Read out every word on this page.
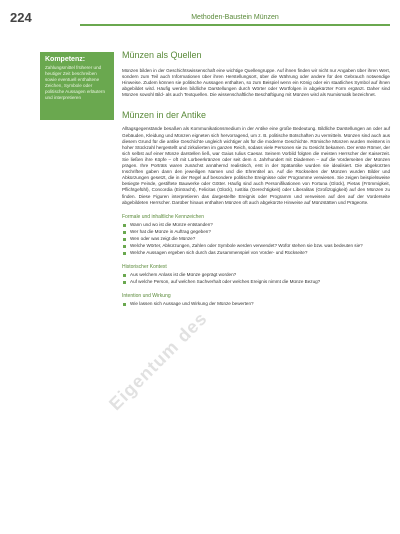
224	Methoden-Baustein Münzen
Kompetenz:

Zahlungsmittel früherer und heutiger Zeit beschreiben sowie eventuell enthaltene Zeichen, Symbole oder politische Aussagen erläutern und interpretieren

Münzen als Quellen

Münzen bilden in der Geschichtswissenschaft eine wichtige Quellengruppe. Auf ihnen finden wir nicht nur Angaben über ihren Wert, sondern zum Teil auch Informationen über ihren Herstellungsort, über die Währung oder andere für den Gebrauch notwendige Hinweise. Zudem können sie politische Aussagen enthalten, so zum Beispiel wenn ein König oder ein staatliches Symbol auf ihnen abgebildet wird. Häufig werden bildliche Darstellungen durch Wörter oder Wortfolgen in abgekürzter Form ergänzt. Daher sind Münzen sowohl Bild- als auch Textquellen. Die wissenschaftliche Beschäftigung mit Münzen wird als Numismatik bezeichnet.

Münzen in der Antike

Alltagsgegenstände besaßen als Kommunikationsmedium in der Antike eine große Bedeutung. Bildliche Darstellungen an oder auf Gebäuden, Kleidung und Münzen eigneten sich hervorragend, um z. B. politische Botschaften zu vermitteln. Münzen sind auch aus diesem Grund für die antike Geschichte ungleich wichtiger als für die moderne Geschichte. Römische Münzen wurden meistens in hoher Stückzahl hergestellt und zirkulierten im ganzen Reich, sodass viele Personen sie zu Gesicht bekamen. Der erste Römer, der sich selbst auf einer Münze darstellen ließ, war Gaius Iulius Caesar. Seinem Vorbild folgten die meisten Herrscher der Kaiserzeit. Sie ließen ihre Köpfe – oft mit Lorbeerkränzen oder seit dem 4. Jahrhundert mit Diademen – auf die Vorderseiten der Münzen prägen. Ihre Porträts waren zunächst annähernd realistisch, erst in der Spätantike wurden sie idealisiert. Die abgekürzten Inschriften gaben dann den jeweiligen Namen und die Ehrentitel an. Auf die Rückseiten der Münzen wurden Bilder und Abkürzungen gesetzt, die in der Regel auf besondere politische Ereignisse oder Programme verwiesen. Sie zeigen beispielsweise besiegte Feinde, gestiftete Bauwerke oder Götter. Häufig sind auch Personifikationen von Fortuna (Glück), Pietas (Frömmigkeit, Pflichtgefühl), Concordia (Eintracht), Felicitas (Glück), Iustitia (Gerechtigkeit) oder Liberalitas (Großzügigkeit) auf den Münzen zu finden. Diese Figuren interpretieren das dargestellte Ereignis oder Programm und verweisen auf den auf der Vorderseite abgebildeten Herrscher. Darüber hinaus enthalten Münzen oft auch abgekürzte Hinweise auf Münzstätten und Prägeorte.

Formale und inhaltliche Kennzeichen
Wann und wo ist die Münze entstanden?
Wer hat die Münze in Auftrag gegeben?
Wen oder was zeigt die Münze?
Welche Wörter, Abkürzungen, Zahlen oder Symbole werden verwendet? Wofür stehen sie bzw. was bedeuten sie?
Welche Aussagen ergeben sich durch das Zusammenspiel von Vorder- und Rückseite?
Historischer Kontext
Aus welchem Anlass ist die Münze geprägt worden?
Auf welche Person, auf welchen Sachverhalt oder welches Ereignis nimmt die Münze Bezug?
Intention und Wirkung
Wie lassen sich Aussage und Wirkung der Münze bewerten?
Eigentum des
